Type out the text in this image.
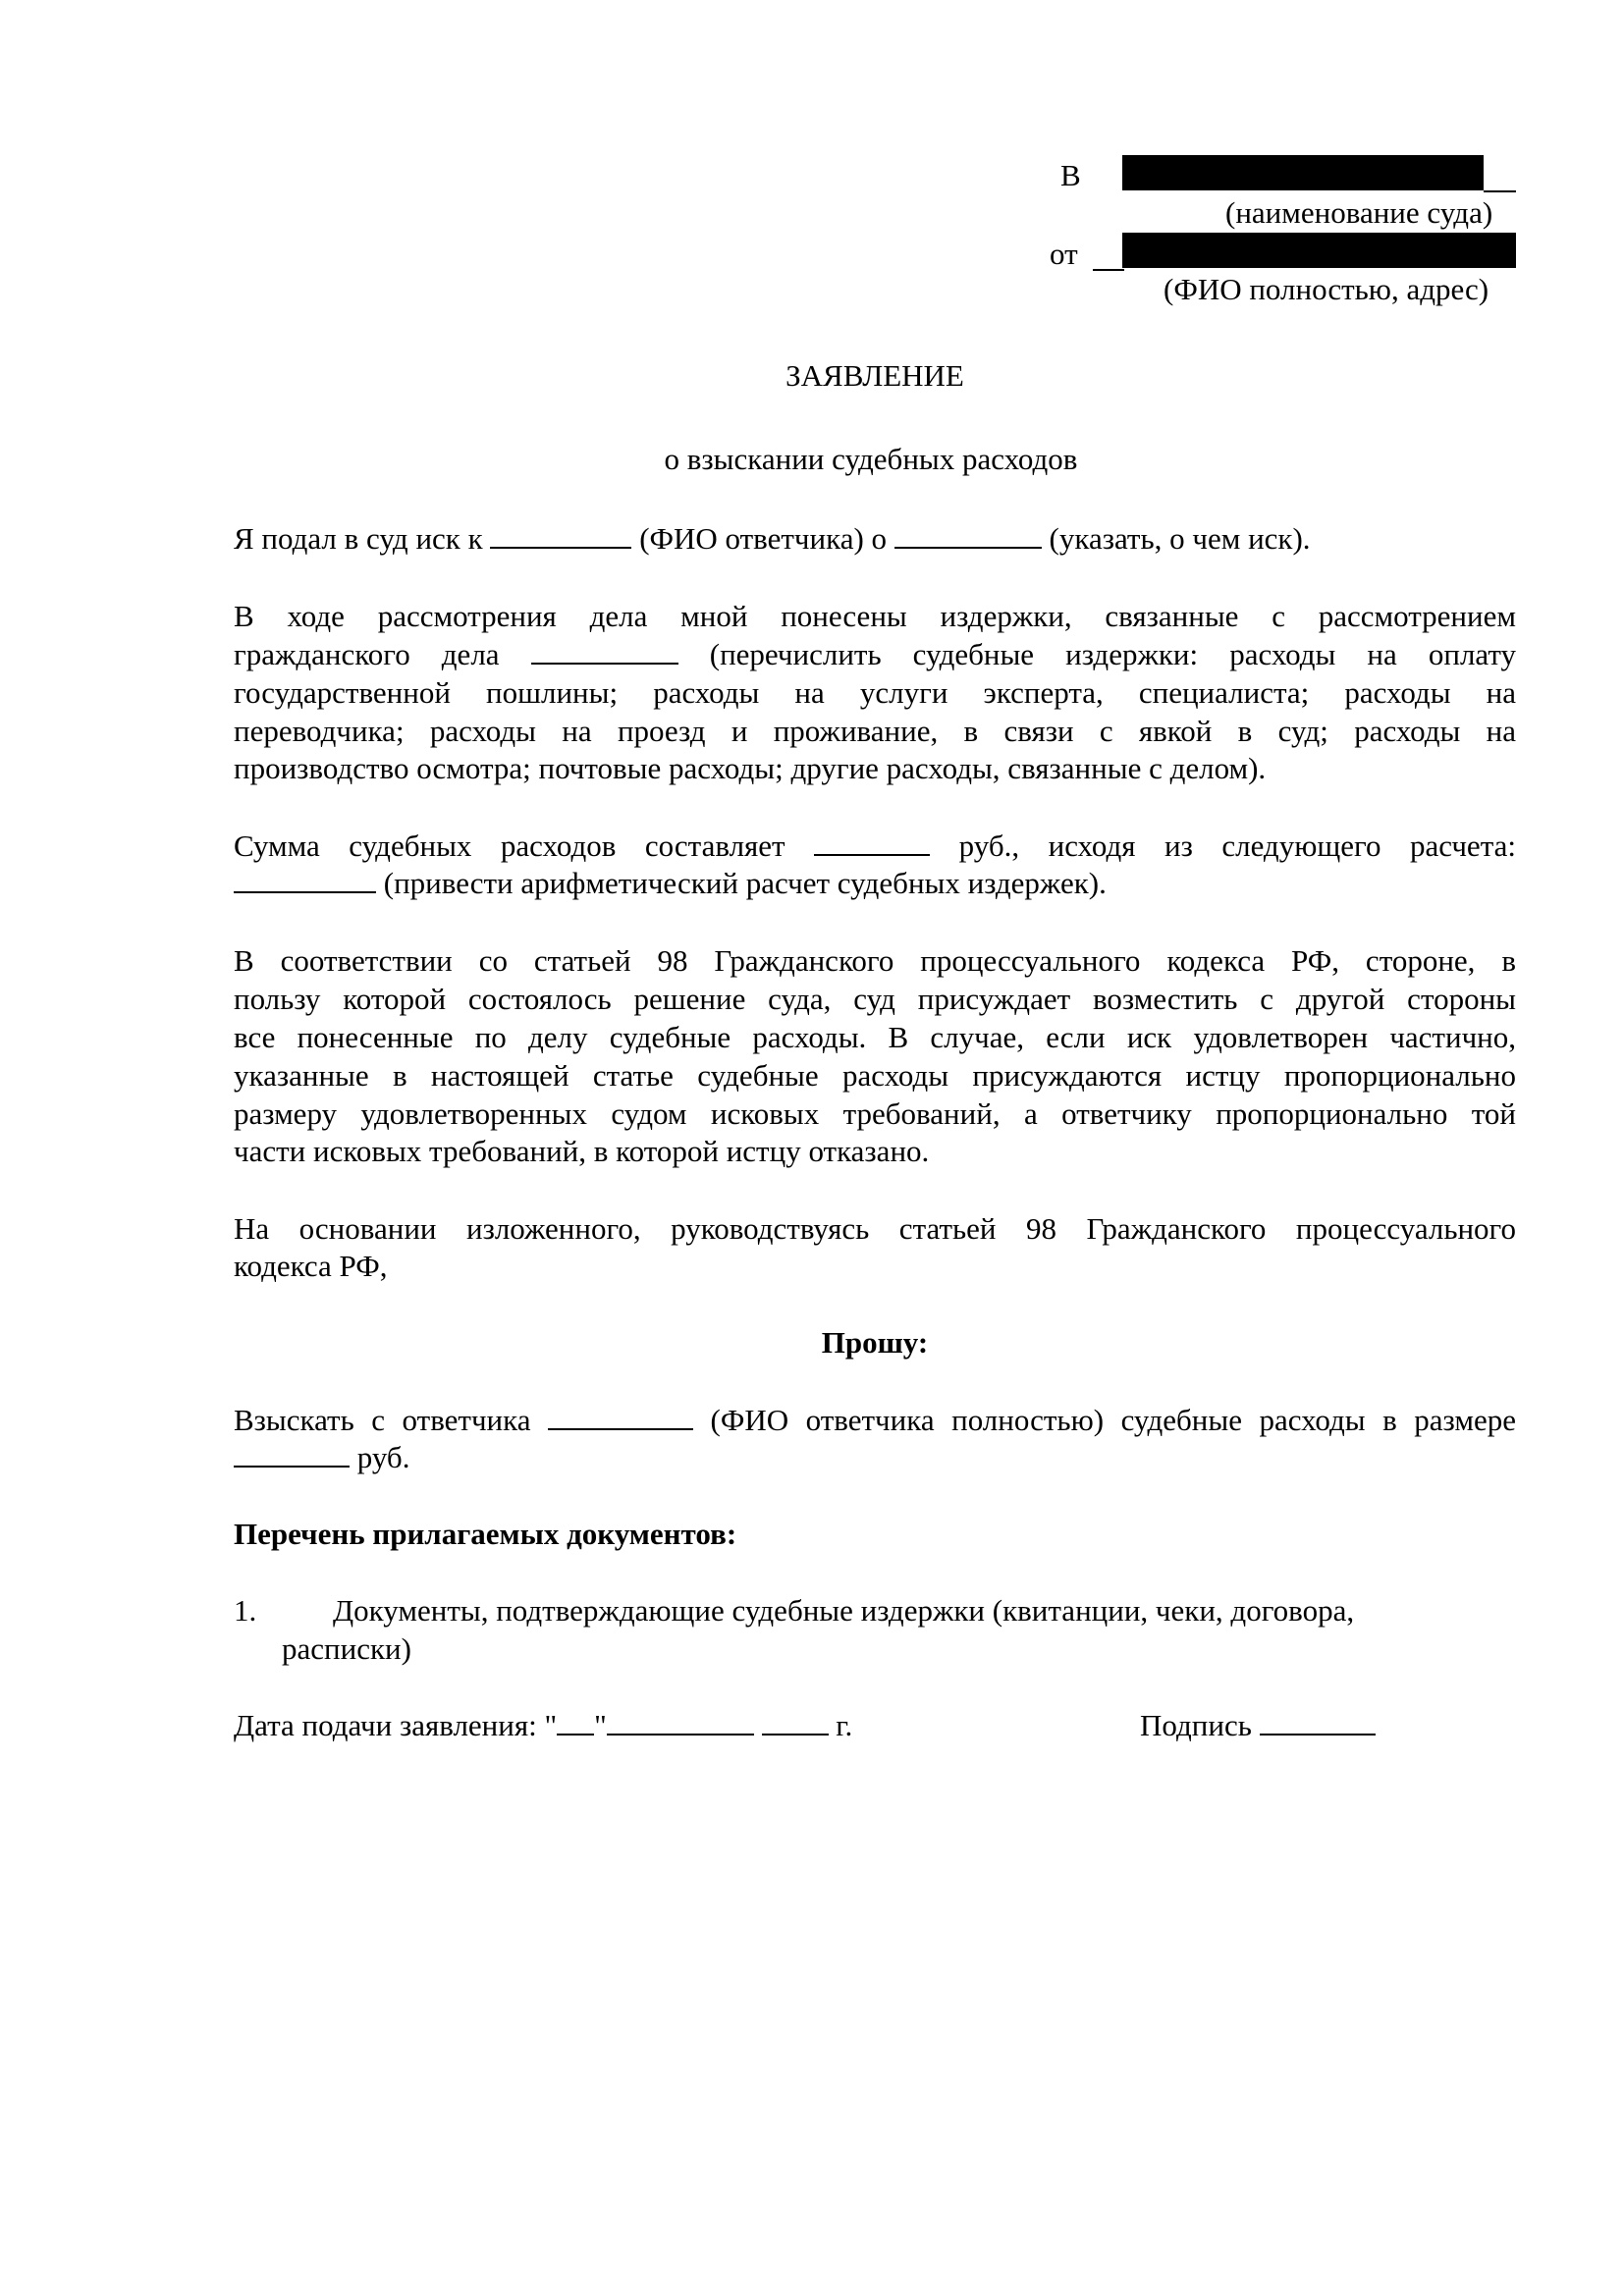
В
(наименование суда)
от
(ФИО полностью, адрес)
ЗАЯВЛЕНИЕ
о взыскании судебных расходов
Я подал в суд иск к	(ФИО ответчика) о	(указать, о чем иск).
В ходе рассмотрения дела мной понесены издержки, связанные с рассмотрением
гражданского дела	(перечислить судебные издержки: расходы на оплату
государственной пошлины; расходы на услуги эксперта, специалиста; расходы на
переводчика; расходы на проезд и проживание, в связи с явкой в суд; расходы на
производство осмотра; почтовые расходы; другие расходы, связанные с делом).
Сумма судебных расходов составляет	руб., исходя из следующего расчета:
(привести арифметический расчет судебных издержек).
В соответствии со статьей 98 Гражданского процессуального кодекса РФ, стороне, в
пользу которой состоялось решение суда, суд присуждает возместить с другой стороны
все понесенные по делу судебные расходы. В случае, если иск удовлетворен частично,
указанные в настоящей статье судебные расходы присуждаются истцу пропорционально
размеру удовлетворенных судом исковых требований, а ответчику пропорционально той
части исковых требований, в которой истцу отказано.
На основании изложенного, руководствуясь статьей 98 Гражданского процессуального
кодекса РФ,
Прошу:
Взыскать с ответчика	(ФИО ответчика полностью) судебные расходы в размере
руб.
Перечень прилагаемых документов:
1.	Документы, подтверждающие судебные издержки (квитанции, чеки, договора,
расписки)
Дата подачи заявления: " "	г.	Подпись
